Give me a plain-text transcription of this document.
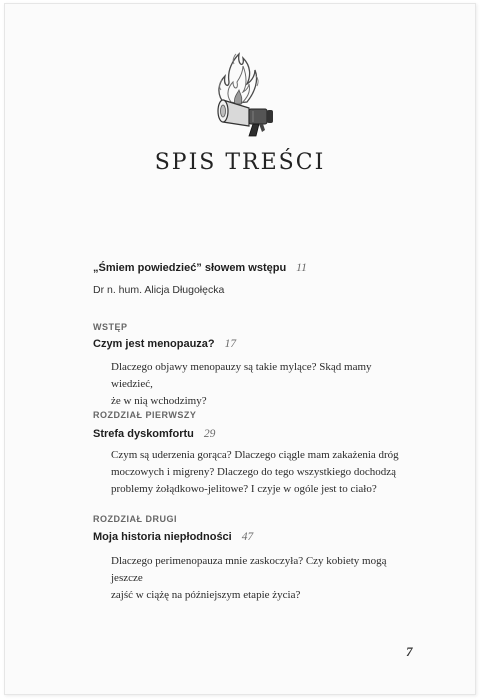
SPIS TREŚCI
„Śmiem powiedzieć” słowem wstępu 11
Dr n. hum. Alicja Długołęcka
WSTĘP
Czym jest menopauza? 17
Dlaczego objawy menopauzy są takie mylące? Skąd mamy wiedzieć,
że w nią wchodzimy?
ROZDZIAŁ PIERWSZY
Strefa dyskomfortu 29
Czym są uderzenia gorąca? Dlaczego ciągle mam zakażenia dróg
moczowych i migreny? Dlaczego do tego wszystkiego dochodzą
problemy żołądkowo-jelitowe? I czyje w ogóle jest to ciało?
ROZDZIAŁ DRUGI
Moja historia niepłodności 47
Dlaczego perimenopauza mnie zaskoczyła? Czy kobiety mogą jeszcze
zajść w ciążę na późniejszym etapie życia?
7
